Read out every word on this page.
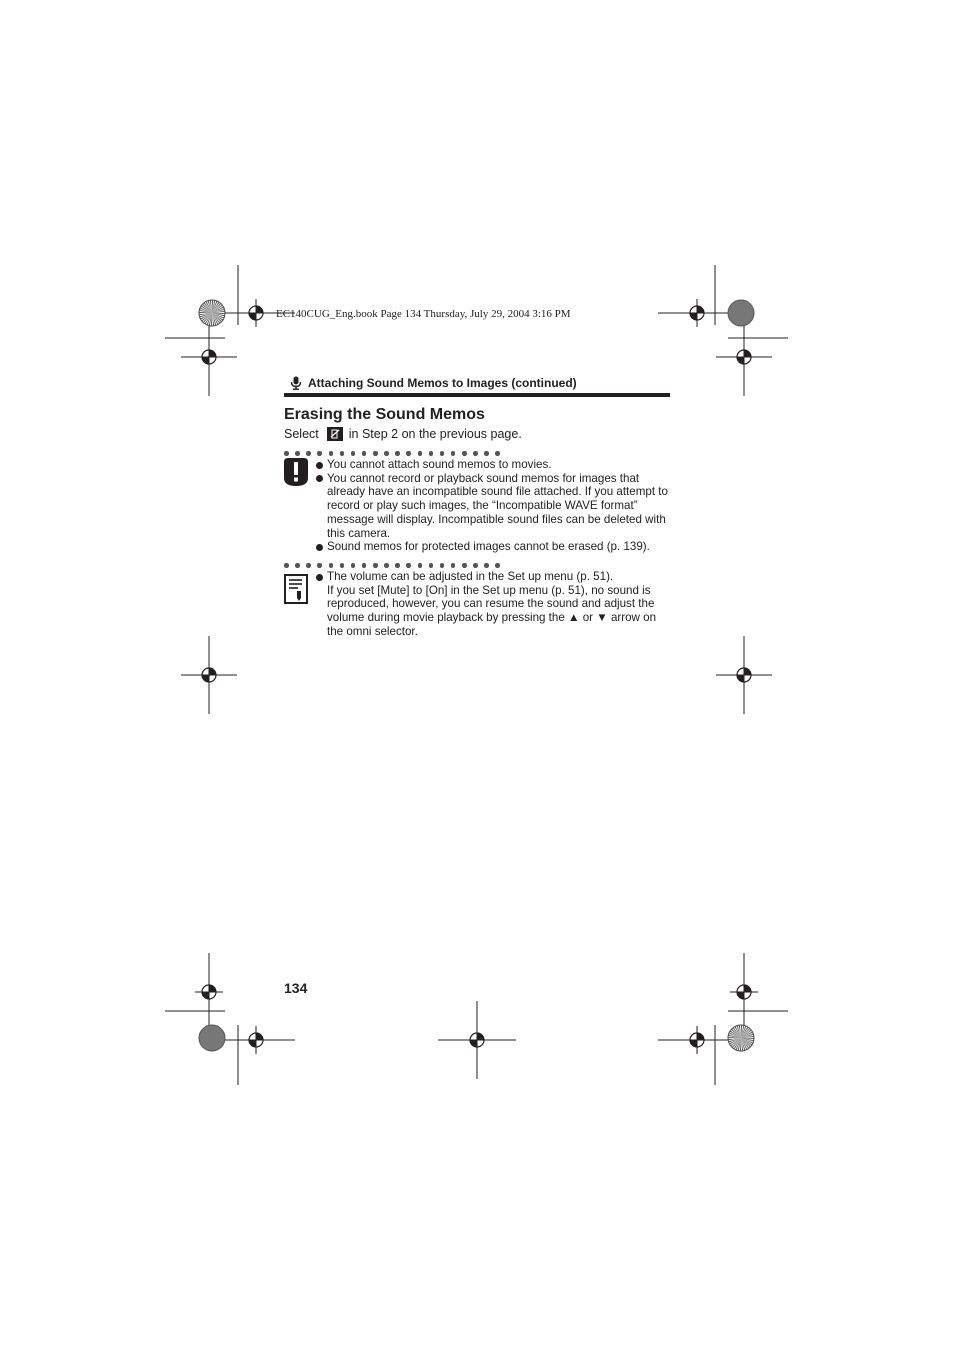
EC140CUG_Eng.book Page 134 Thursday, July 29, 2004 3:16 PM
Attaching Sound Memos to Images (continued)
Erasing the Sound Memos
Select in Step 2 on the previous page.
You cannot attach sound memos to movies.
You cannot record or playback sound memos for images that already have an incompatible sound file attached. If you attempt to record or play such images, the “Incompatible WAVE format” message will display. Incompatible sound files can be deleted with this camera.
Sound memos for protected images cannot be erased (p. 139).
The volume can be adjusted in the Set up menu (p. 51).
If you set [Mute] to [On] in the Set up menu (p. 51), no sound is reproduced, however, you can resume the sound and adjust the volume during movie playback by pressing the ▲ or ▼ arrow on the omni selector.
134
